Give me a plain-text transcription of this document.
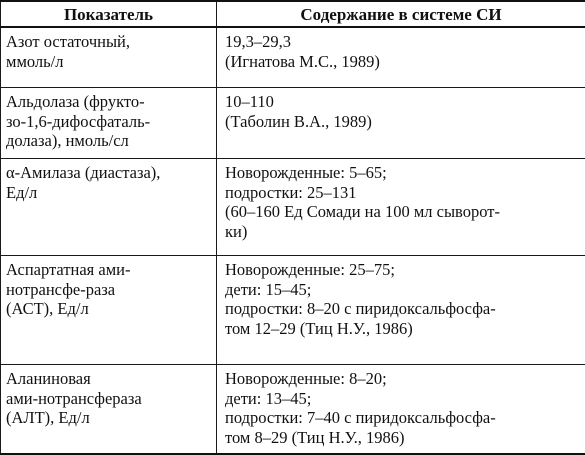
Показатель	Содержание в системе СИ

Азот остаточный,
ммоль/л	19,3–29,3
(Игнатова М.С., 1989)

Альдолаза (фрукто-
зо-1,6-дифосфаталь-
долаза), нмоль/сл	10–110
(Таболин В.А., 1989)

α-Амилаза (диастаза),
Ед/л	Новорожденные: 5–65;
подростки: 25–131
(60–160 Ед Сомади на 100 мл сыворот-
ки)

Аспартатная ами-
нотрансфе-раза
(АСТ), Ед/л	Новорожденные: 25–75;
дети: 15–45;
подростки: 8–20 с пиридоксальфосфа-
том 12–29 (Тиц Н.У., 1986)

Аланиновая
ами-нотрансфераза
(АЛТ), Ед/л	Новорожденные: 8–20;
дети: 13–45;
подростки: 7–40 с пиридоксальфосфа-
том 8–29 (Тиц Н.У., 1986)
